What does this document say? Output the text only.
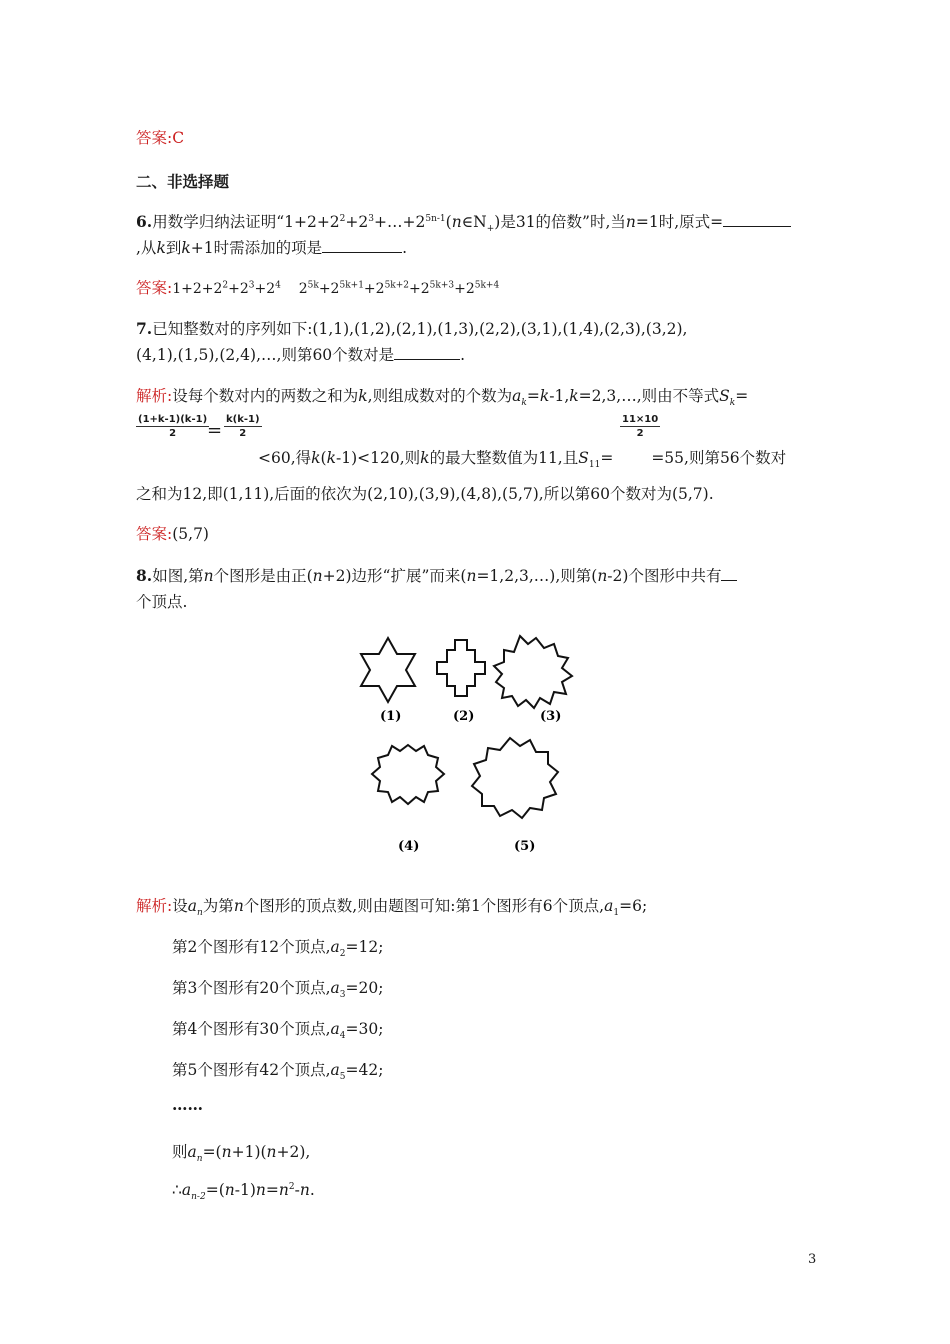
答案:C
二、非选择题
6.用数学归纳法证明“$1+2+2^2+2^3+\dots+2^{5n-1}(n\in N_+)$是31的倍数”时,当n=1时,原式=
,从k到k+1时需添加的项是	.
答案$:1+2+2^2+2^3+2^4$ $2^{5k}+2^{5k+1}+2^{5k+2}+2^{5k+3}+2^{5k+4}$
7.已知整数对的序列如下:(1,1),(1,2),(2,1),(1,3),(2,2),(3,1),(1,4),(2,3),(3,2),
(4,1),(1,5),(2,4),…,则第60个数对是	.
解析:设每个数对内的两数之和为k,则组成数对的个数为$a_k=k-1,k=2,3,\dots$,则由不等式$S_k=$
$\frac{(1+k-1)(k-1)}{2}$
= $\frac{k(k-1)}{2}$	$\frac{11\times 10}{2}$
<60,得k(k-1)<120,则k的最大整数值为11,且$S_{11}= =55$,则第56个数对
之和为12,即(1,11),后面的依次为(2,10),(3,9),(4,8),(5,7),所以第60个数对为(5,7).
答案:(5,7)
8.如图,第n个图形是由正(n+2)边形“扩展”而来(n=1,2,3,…),则第(n-2)个图形中共有
个顶点.
(1)	(2)	(3)
(4)	(5)
解析:设$a_n$为第n个图形的顶点数,则由题图可知:第1个图形有6个顶点$,a_1=6$;
第2个图形有12个顶点$,a_2=12$;
第3个图形有20个顶点$,a_3=20$;
第4个图形有30个顶点$,a_4=30$;
第5个图形有42个顶点$,a_5=42$;
……
则$a_n=(n+1)(n+2)$,
$\therefore a_{n-2}=(n-1)n=n^2-n$.
3
